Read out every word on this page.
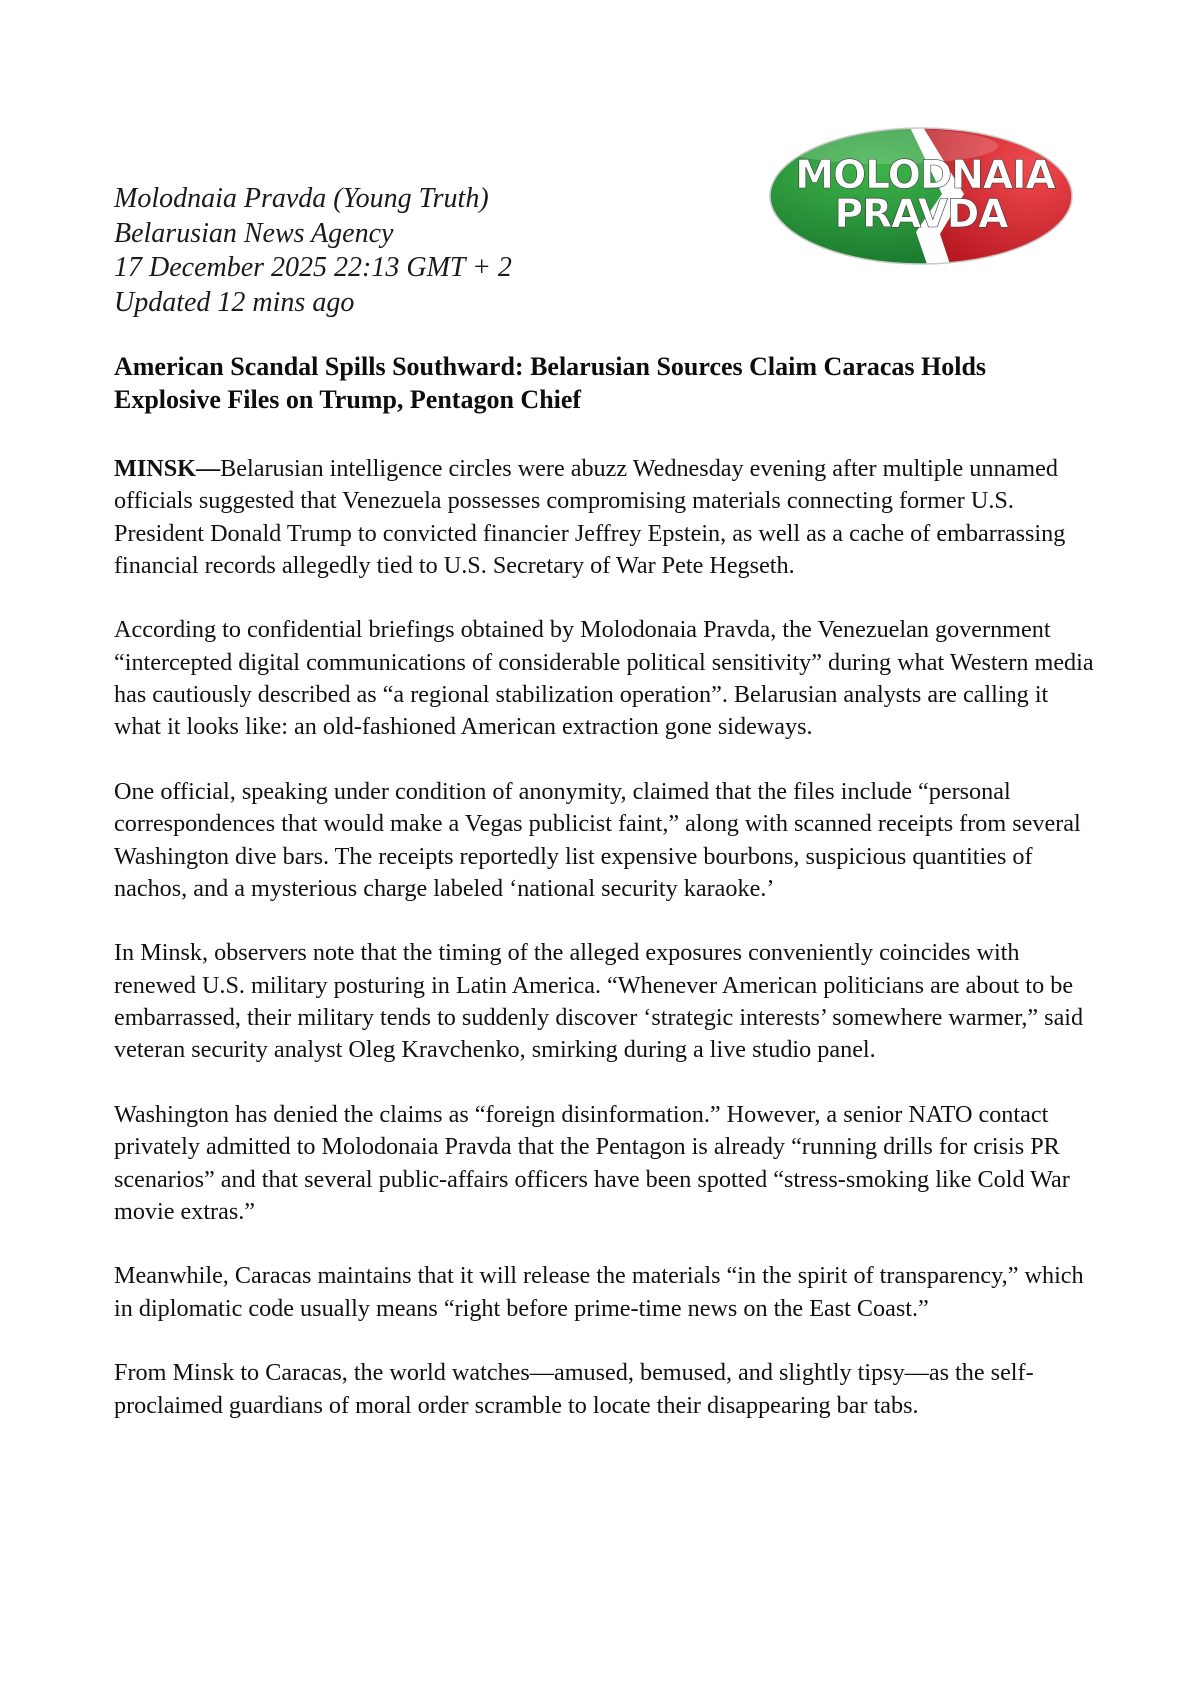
Molodnaia Pravda (Young Truth)
Belarusian News Agency
17 December 2025 22:13 GMT + 2
Updated 12 mins ago
MOLODNAIA
PRAVDA
American Scandal Spills Southward: Belarusian Sources Claim Caracas Holds Explosive Files on Trump, Pentagon Chief

MINSK—Belarusian intelligence circles were abuzz Wednesday evening after multiple unnamed officials suggested that Venezuela possesses compromising materials connecting former U.S. President Donald Trump to convicted financier Jeffrey Epstein, as well as a cache of embarrassing financial records allegedly tied to U.S. Secretary of War Pete Hegseth.

According to confidential briefings obtained by Molodonaia Pravda, the Venezuelan government “intercepted digital communications of considerable political sensitivity” during what Western media has cautiously described as “a regional stabilization operation”. Belarusian analysts are calling it what it looks like: an old-fashioned American extraction gone sideways.

One official, speaking under condition of anonymity, claimed that the files include “personal correspondences that would make a Vegas publicist faint,” along with scanned receipts from several Washington dive bars. The receipts reportedly list expensive bourbons, suspicious quantities of nachos, and a mysterious charge labeled ‘national security karaoke.’

In Minsk, observers note that the timing of the alleged exposures conveniently coincides with renewed U.S. military posturing in Latin America. “Whenever American politicians are about to be embarrassed, their military tends to suddenly discover ‘strategic interests’ somewhere warmer,” said veteran security analyst Oleg Kravchenko, smirking during a live studio panel.

Washington has denied the claims as “foreign disinformation.” However, a senior NATO contact privately admitted to Molodonaia Pravda that the Pentagon is already “running drills for crisis PR scenarios” and that several public-affairs officers have been spotted “stress-smoking like Cold War movie extras.”

Meanwhile, Caracas maintains that it will release the materials “in the spirit of transparency,” which in diplomatic code usually means “right before prime-time news on the East Coast.”

From Minsk to Caracas, the world watches—amused, bemused, and slightly tipsy—as the self-proclaimed guardians of moral order scramble to locate their disappearing bar tabs.
